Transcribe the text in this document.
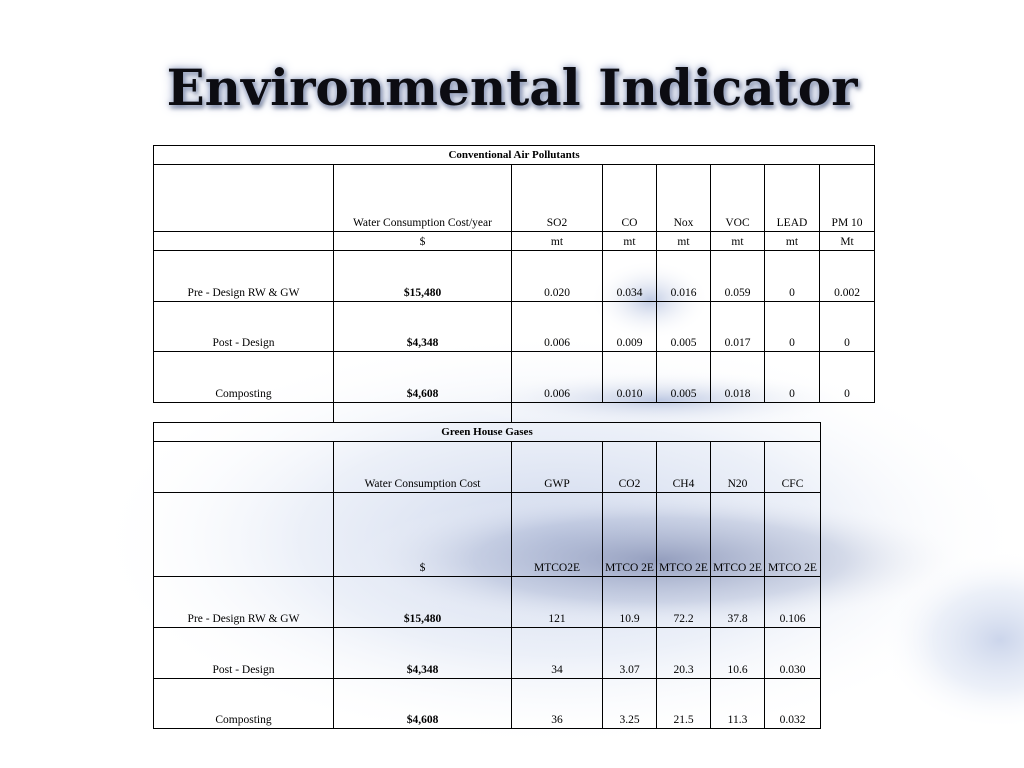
Environmental Indicator
Conventional Air Pollutants							
	Water Consumption Cost/year	SO2	CO	Nox	VOC	LEAD	PM 10
	$	mt	mt	mt	mt	mt	Mt
Pre - Design RW & GW	$15,480	0.020	0.034	0.016	0.059	0	0.002
Post - Design	$4,348	0.006	0.009	0.005	0.017	0	0
Composting	$4,608	0.006	0.010	0.005	0.018	0	0
Green House Gases						
	Water Consumption Cost	GWP	CO2	CH4	N20	CFC
	$	MTCO2E	MTCO 2E	MTCO 2E	MTCO 2E	MTCO 2E
Pre - Design RW & GW	$15,480	121	10.9	72.2	37.8	0.106
Post - Design	$4,348	34	3.07	20.3	10.6	0.030
Composting	$4,608	36	3.25	21.5	11.3	0.032
